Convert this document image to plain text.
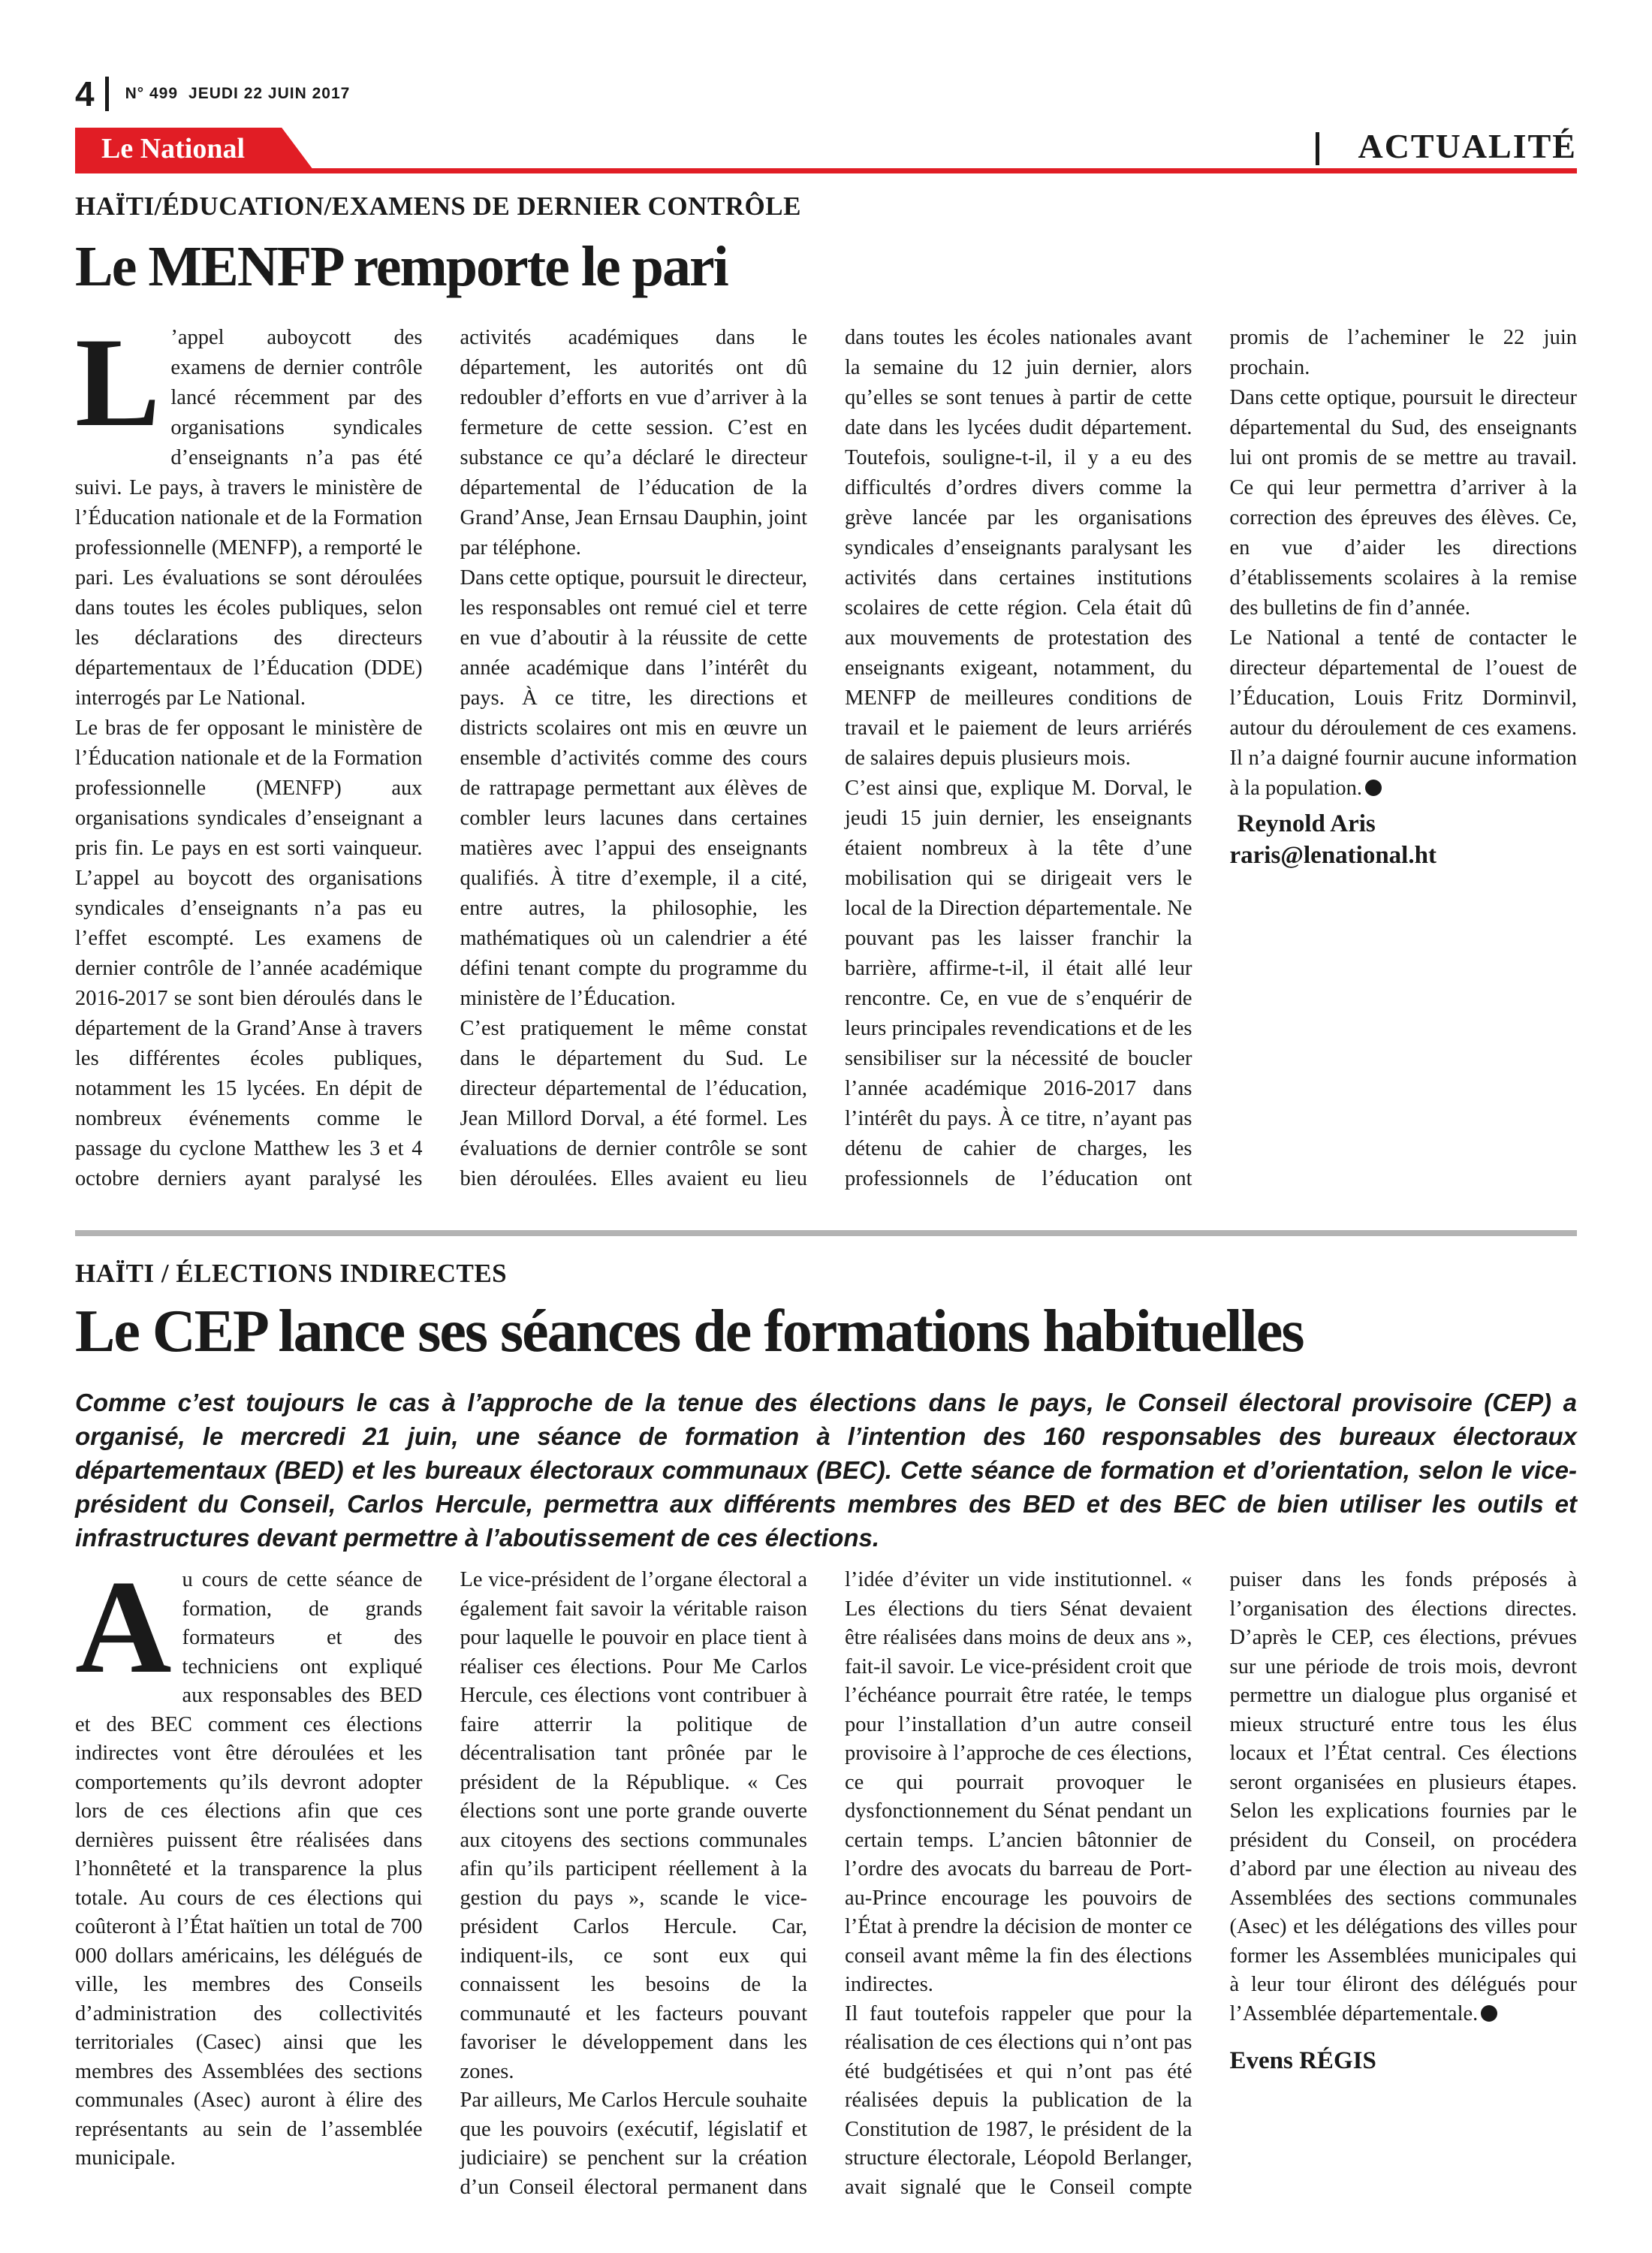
4 N° 499 JEUDI 22 JUIN 2017
Le National	ACTUALITÉ
HAÏTI/ÉDUCATION/EXAMENS DE DERNIER CONTRÔLE
Le MENFP remporte le pari

L ’appel auboycott des examens de dernier contrôle lancé récemment par des organisations syndicales d’enseignants n’a pas été suivi. Le pays, à travers le ministère de l’Éducation nationale et de la Formation professionnelle (MENFP), a remporté le pari. Les évaluations se sont déroulées dans toutes les écoles publiques, selon les déclarations des directeurs départementaux de l’Éducation (DDE) interrogés par Le National.

Le bras de fer opposant le ministère de l’Éducation nationale et de la Formation professionnelle (MENFP) aux organisations syndicales d’enseignant a pris fin. Le pays en est sorti vainqueur. L’appel au boycott des organisations syndicales d’enseignants n’a pas eu l’effet escompté. Les examens de dernier contrôle de l’année académique 2016-2017 se sont bien déroulés dans le département de la Grand’Anse à travers les différentes écoles publiques, notamment les 15 lycées. En dépit de nombreux événements comme le passage du cyclone Matthew les 3 et 4 octobre derniers ayant paralysé les activités académiques dans le département, les autorités ont dû redoubler d’efforts en vue d’arriver à la fermeture de cette session. C’est en substance ce qu’a déclaré le directeur départemental de l’éducation de la Grand’Anse, Jean Ernsau Dauphin, joint par téléphone.

Dans cette optique, poursuit le directeur, les responsables ont remué ciel et terre en vue d’aboutir à la réussite de cette année académique dans l’intérêt du pays. À ce titre, les directions et districts scolaires ont mis en œuvre un ensemble d’activités comme des cours de rattrapage permettant aux élèves de combler leurs lacunes dans certaines matières avec l’appui des enseignants qualifiés. À titre d’exemple, il a cité, entre autres, la philosophie, les mathématiques où un calendrier a été défini tenant compte du programme du ministère de l’Éducation.

C’est pratiquement le même constat dans le département du Sud. Le directeur départemental de l’éducation, Jean Millord Dorval, a été formel. Les évaluations de dernier contrôle se sont bien déroulées. Elles avaient eu lieu dans toutes les écoles nationales avant la semaine du 12 juin dernier, alors qu’elles se sont tenues à partir de cette date dans les lycées dudit département. Toutefois, souligne-t-il, il y a eu des difficultés d’ordres divers comme la grève lancée par les organisations syndicales d’enseignants paralysant les activités dans certaines institutions scolaires de cette région. Cela était dû aux mouvements de protestation des enseignants exigeant, notamment, du MENFP de meilleures conditions de travail et le paiement de leurs arriérés de salaires depuis plusieurs mois.

C’est ainsi que, explique M. Dorval, le jeudi 15 juin dernier, les enseignants étaient nombreux à la tête d’une mobilisation qui se dirigeait vers le local de la Direction départementale. Ne pouvant pas les laisser franchir la barrière, affirme-t-il, il était allé leur rencontre. Ce, en vue de s’enquérir de leurs principales revendications et de les sensibiliser sur la nécessité de boucler l’année académique 2016-2017 dans l’intérêt du pays. À ce titre, n’ayant pas détenu de cahier de charges, les professionnels de l’éducation ont promis de l’acheminer le 22 juin prochain.

Dans cette optique, poursuit le directeur départemental du Sud, des enseignants lui ont promis de se mettre au travail. Ce qui leur permettra d’arriver à la correction des épreuves des élèves. Ce, en vue d’aider les directions d’établissements scolaires à la remise des bulletins de fin d’année.

Le National a tenté de contacter le directeur départemental de l’ouest de l’Éducation, Louis Fritz Dorminvil, autour du déroulement de ces examens. Il n’a daigné fournir aucune information à la population.

Reynold Aris

raris@lenational.ht

HAÏTI / ÉLECTIONS INDIRECTES
Le CEP lance ses séances de formations habituelles
Comme c’est toujours le cas à l’approche de la tenue des élections dans le pays, le Conseil électoral provisoire (CEP) a organisé, le mercredi 21 juin, une séance de formation à l’intention des 160 responsables des bureaux électoraux départementaux (BED) et les bureaux électoraux communaux (BEC). Cette séance de formation et d’orientation, selon le vice-président du Conseil, Carlos Hercule, permettra aux différents membres des BED et des BEC de bien utiliser les outils et infrastructures devant permettre à l’aboutissement de ces élections.

Au cours de cette séance de formation, de grands formateurs et des techniciens ont expliqué aux responsables des BED et des BEC comment ces élections indirectes vont être déroulées et les comportements qu’ils devront adopter lors de ces élections afin que ces dernières puissent être réalisées dans l’honnêteté et la transparence la plus totale. Au cours de ces élections qui coûteront à l’État haïtien un total de 700 000 dollars américains, les délégués de ville, les membres des Conseils d’administration des collectivités territoriales (Casec) ainsi que les membres des Assemblées des sections communales (Asec) auront à élire des représentants au sein de l’assemblée municipale.

Le vice-président de l’organe électoral a également fait savoir la véritable raison pour laquelle le pouvoir en place tient à réaliser ces élections. Pour Me Carlos Hercule, ces élections vont contribuer à faire atterrir la politique de décentralisation tant prônée par le président de la République. « Ces élections sont une porte grande ouverte aux citoyens des sections communales afin qu’ils participent réellement à la gestion du pays », scande le vice-président Carlos Hercule. Car, indiquent-ils, ce sont eux qui connaissent les besoins de la communauté et les facteurs pouvant favoriser le développement dans les zones.

Par ailleurs, Me Carlos Hercule souhaite que les pouvoirs (exécutif, législatif et judiciaire) se penchent sur la création d’un Conseil électoral permanent dans l’idée d’éviter un vide institutionnel. « Les élections du tiers Sénat devaient être réalisées dans moins de deux ans », fait-il savoir. Le vice-président croit que l’échéance pourrait être ratée, le temps pour l’installation d’un autre conseil provisoire à l’approche de ces élections, ce qui pourrait provoquer le dysfonctionnement du Sénat pendant un certain temps. L’ancien bâtonnier de l’ordre des avocats du barreau de Port-au-Prince encourage les pouvoirs de l’État à prendre la décision de monter ce conseil avant même la fin des élections indirectes.

Il faut toutefois rappeler que pour la réalisation de ces élections qui n’ont pas été budgétisées et qui n’ont pas été réalisées depuis la publication de la Constitution de 1987, le président de la structure électorale, Léopold Berlanger, avait signalé que le Conseil compte puiser dans les fonds préposés à l’organisation des élections directes. D’après le CEP, ces élections, prévues sur une période de trois mois, devront permettre un dialogue plus organisé et mieux structuré entre tous les élus locaux et l’État central. Ces élections seront organisées en plusieurs étapes. Selon les explications fournies par le président du Conseil, on procédera d’abord par une élection au niveau des Assemblées des sections communales (Asec) et les délégations des villes pour former les Assemblées municipales qui à leur tour éliront des délégués pour l’Assemblée départementale.

Evens RÉGIS
